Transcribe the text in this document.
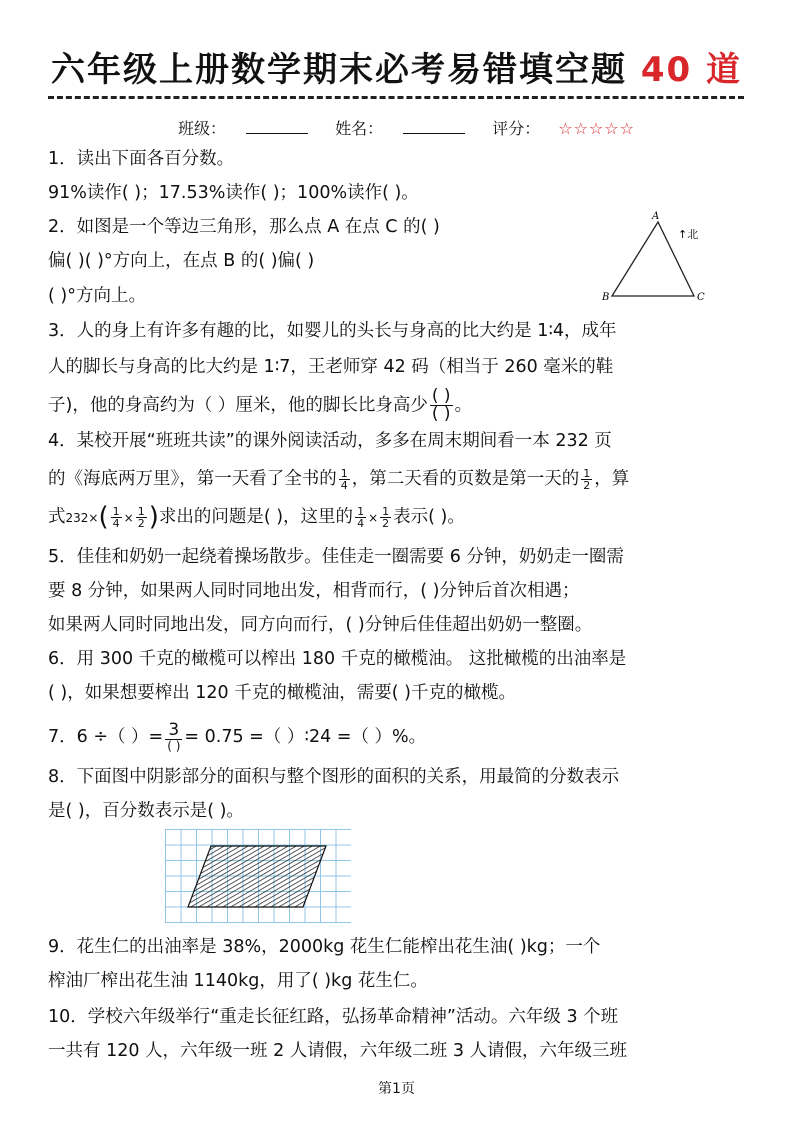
六年级上册数学期末必考易错填空题 40 道
班级：	姓名：	评分： ☆☆☆☆☆
1．读出下面各百分数。
91%读作( )；17.53%读作( )；100%读作( )。
2．如图是一个等边三角形，那么点 A 在点 C 的( )
偏( )( )°方向上，在点 B 的( )偏( )
( )°方向上。
A
B	C
↑北
3．人的身上有许多有趣的比，如婴儿的头长与身高的比大约是 1∶4，成年
人的脚长与身高的比大约是 1∶7，王老师穿 42 码（相当于 260 毫米的鞋
子)，他的身高约为（ ）厘米，他的脚长比身高少 $\frac{( )}{( )}$ 。
4．某校开展“班班共读”的课外阅读活动，多多在周末期间看一本 232 页
的《海底两万里》，第一天看了全书的 $\frac{1}{4}$ ，第二天看的页数是第一天的 $\frac{1}{2}$ ，算
式$232\times( \frac{1}{4} \times \frac{1}{2}$ )求出的问题是( )，这里的 $\frac{1}{4} \times \frac{1}{2}$ 表示( )。
5．佳佳和奶奶一起绕着操场散步。佳佳走一圈需要 6 分钟，奶奶走一圈需
要 8 分钟，如果两人同时同地出发，相背而行，( )分钟后首次相遇；
如果两人同时同地出发，同方向而行，( )分钟后佳佳超出奶奶一整圈。
6．用 300 千克的橄榄可以榨出 180 千克的橄榄油。 这批橄榄的出油率是
( )，如果想要榨出 120 千克的橄榄油，需要( )千克的橄榄。
7．6 ÷（ ）= $\frac{3}{( )} = 0.75$ =（ ）∶24 =（ ）%。
8．下面图中阴影部分的面积与整个图形的面积的关系，用最简的分数表示
是( )，百分数表示是( )。
9．花生仁的出油率是 38%，2000kg 花生仁能榨出花生油( )kg；一个
榨油厂榨出花生油 1140kg，用了( )kg 花生仁。
10．学校六年级举行“重走长征红路，弘扬革命精神”活动。六年级 3 个班
一共有 120 人，六年级一班 2 人请假，六年级二班 3 人请假，六年级三班
第1页
